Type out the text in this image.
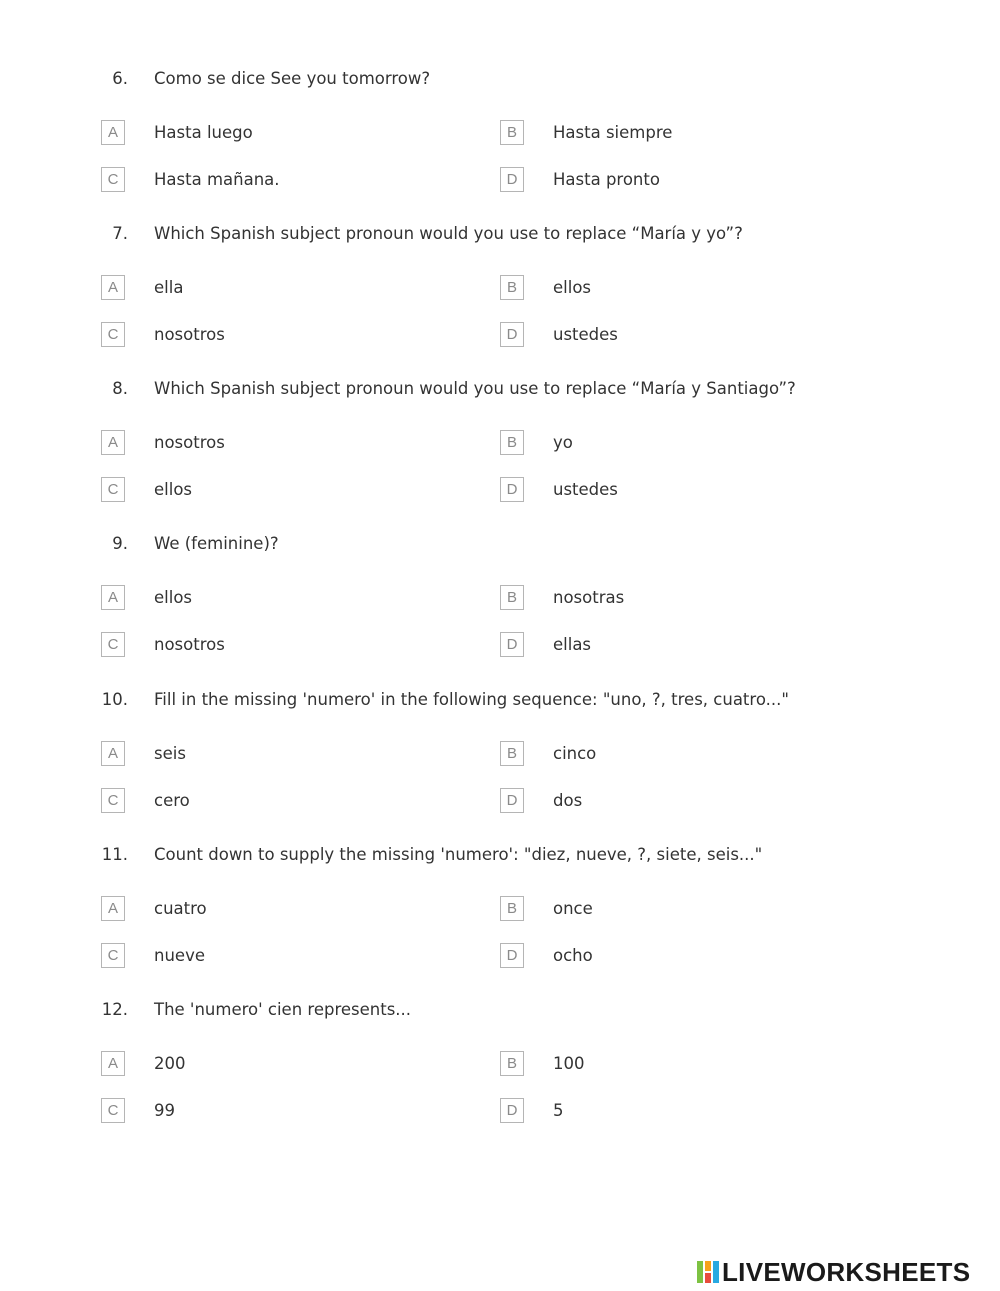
6. Como se dice See you tomorrow?
A	Hasta luego	B	Hasta siempre
C	Hasta mañana.	D	Hasta pronto
7. Which Spanish subject pronoun would you use to replace “María y yo”?
A	ella	B	ellos
C	nosotros	D	ustedes
8. Which Spanish subject pronoun would you use to replace “María y Santiago”?
A	nosotros	B	yo
C	ellos	D	ustedes
9. We (feminine)?
A	ellos	B	nosotras
C	nosotros	D	ellas
10. Fill in the missing 'numero' in the following sequence: "uno, ?, tres, cuatro..."
A	seis	B	cinco
C	cero	D	dos
11. Count down to supply the missing 'numero': "diez, nueve, ?, siete, seis..."
A	cuatro	B	once
C	nueve	D	ocho
12. The 'numero' cien represents...
A	200	B	100
C	99	D	5
LIVEWORKSHEETS
